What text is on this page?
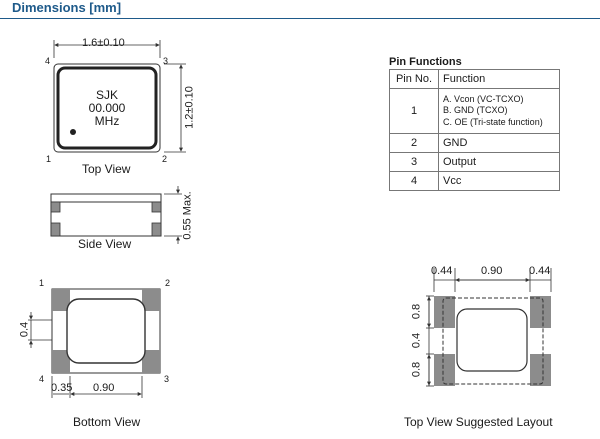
Dimensions [mm]
1.6±0.10
1.2±0.10
SJK
00.000
MHz
4	3
1	2
Top View
0.55 Max.
Side View
1	2
4	3
0.4
0.35 0.90
Bottom View
Pin Functions
Pin No.	Function
1	A. Vcon (VC-TCXO)
B. GND (TCXO)
C. OE (Tri-state function)

2	GND
3	Output
4	Vcc
0.44	0.90 0.44
0.8
0.4
0.8
Top View Suggested Layout
